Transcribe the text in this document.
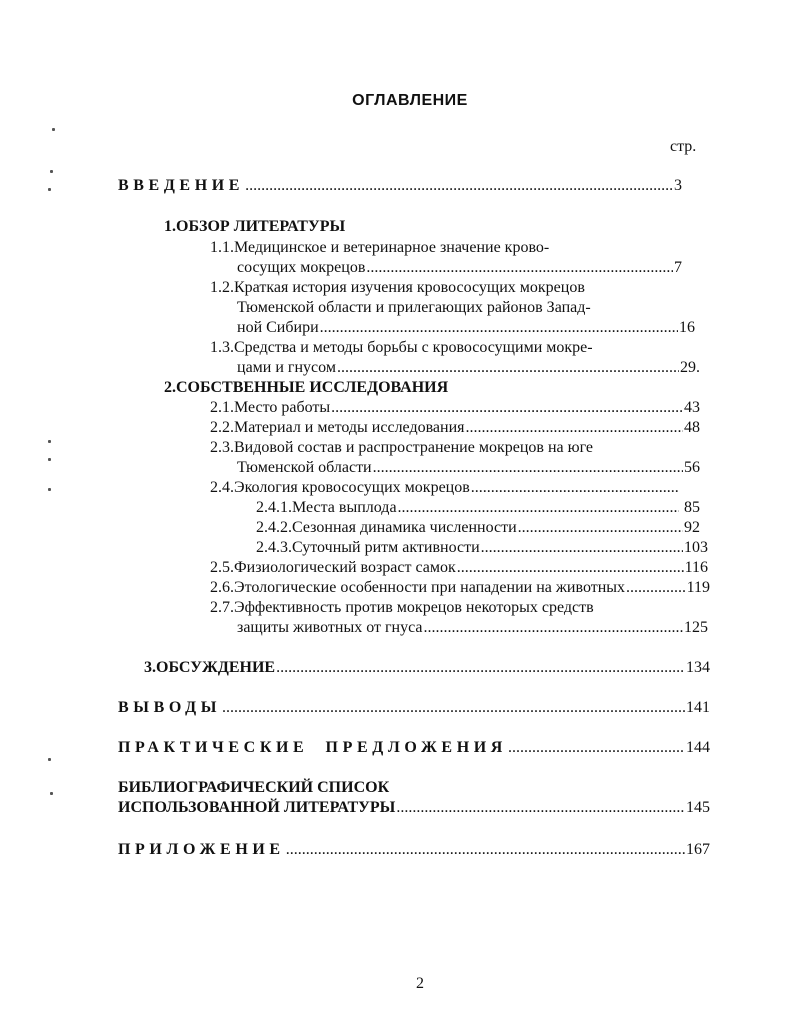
ОГЛАВЛЕНИЕ
стр.
ВВЕДЕНИЕ .....	3
1.ОБЗОР ЛИТЕРАТУРЫ
1.1.Медицинское и ветеринарное значение крово-
сосущих мокрецов .....	7
1.2.Краткая история изучения кровососущих мокрецов
Тюменской области и прилегающих районов Запад-
ной Сибири .....	16
1.3.Средства и методы борьбы с кровососущими мокре-
цами и гнусом .....	29.
2.СОБСТВЕННЫЕ ИССЛЕДОВАНИЯ
2.1.Место работы .....	43
2.2.Материал и методы исследования .....	48
2.3.Видовой состав и распространение мокрецов на юге
Тюменской области .....	56
2.4.Экология кровососущих мокрецов
.....
2.4.1.Места выплода .....	85
2.4.2.Сезонная динамика численности .....	92
2.4.3.Суточный ритм активности .....	103
2.5.Физиологический возраст самок .....	116
2.6.Этологические особенности при нападении на животных .....	119
2.7.Эффективность против мокрецов некоторых средств
защиты животных от гнуса .....	125
3.ОБСУЖДЕНИЕ .....	134
ВЫВОДЫ .....	141
ПРАКТИЧЕСКИЕ  ПРЕДЛОЖЕНИЯ .....	144
БИБЛИОГРАФИЧЕСКИЙ СПИСОК
ИСПОЛЬЗОВАННОЙ ЛИТЕРАТУРЫ .....	145
ПРИЛОЖЕНИЕ .....	167
2
